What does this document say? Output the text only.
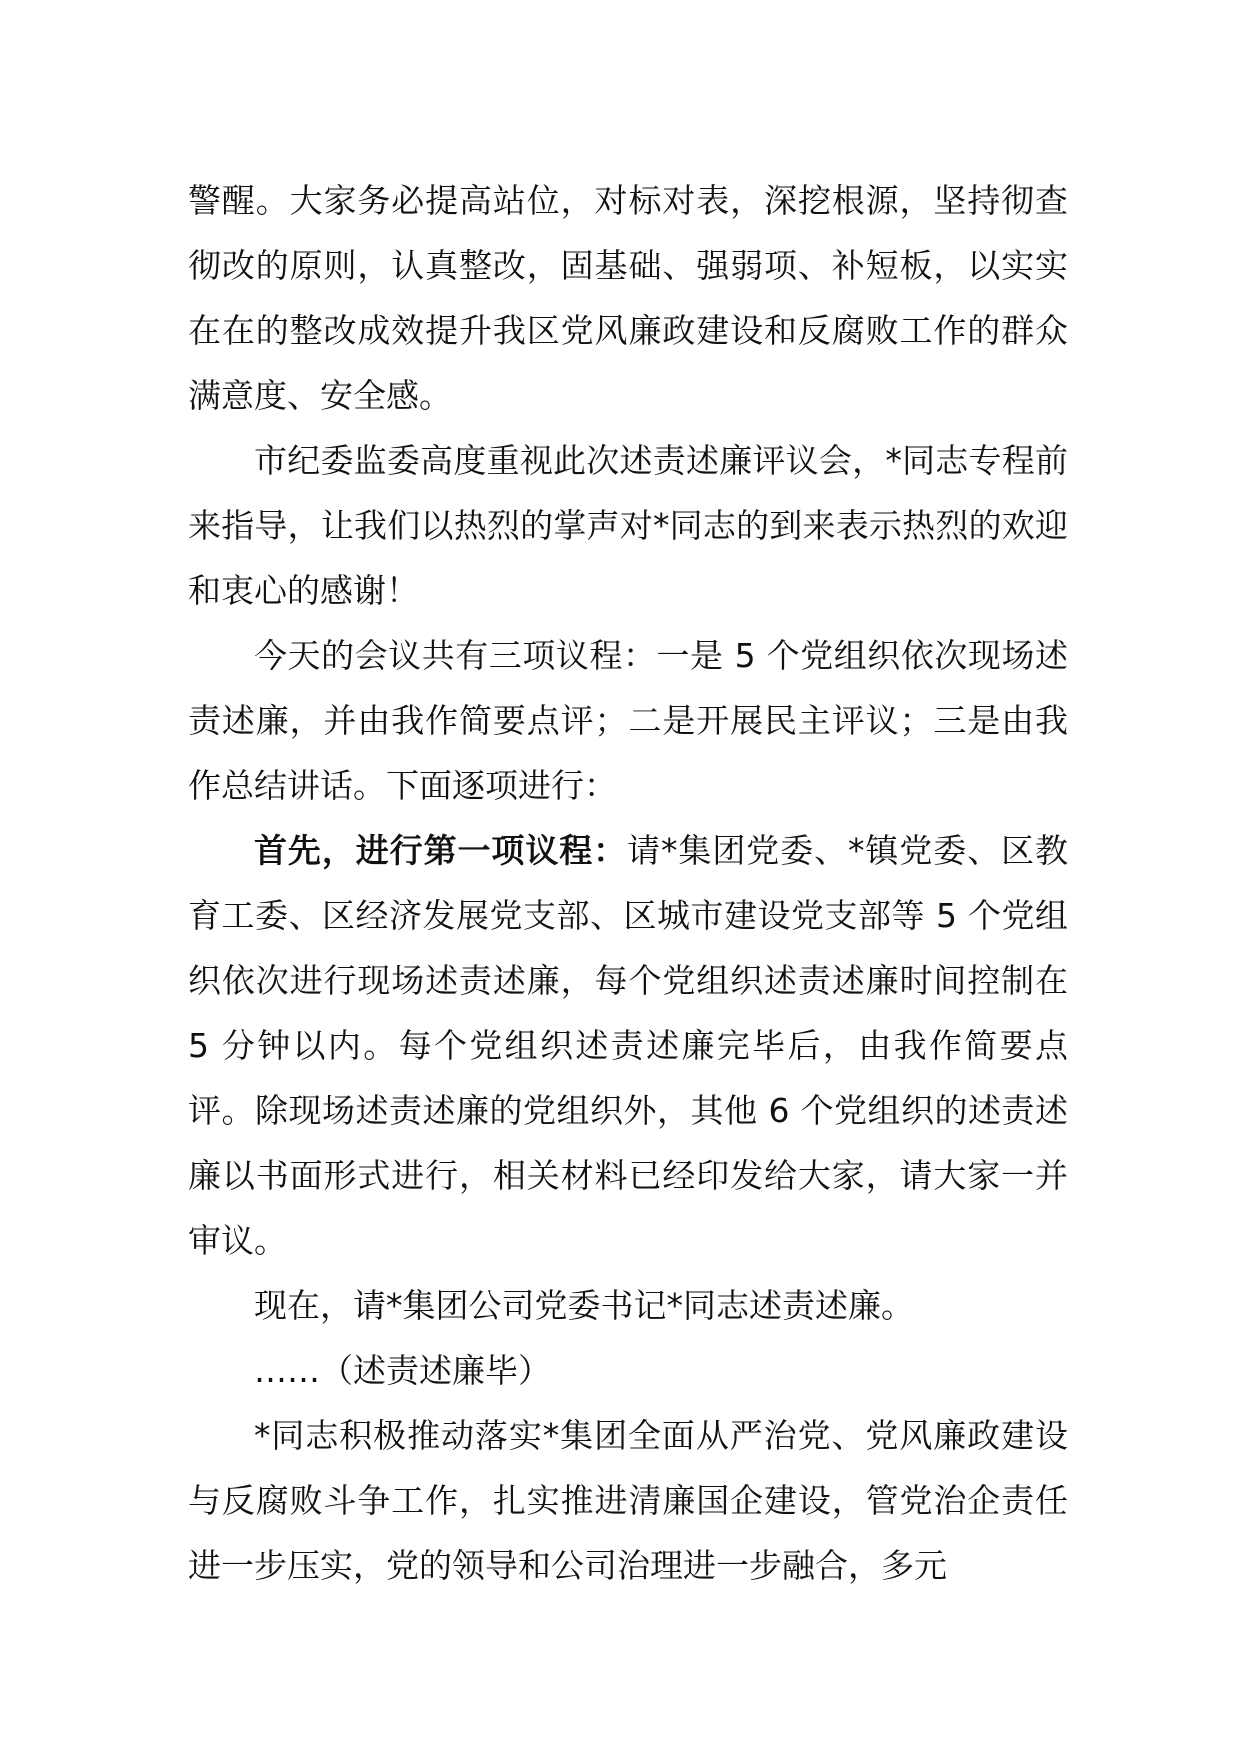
警醒。大家务必提高站位，对标对表，深挖根源，坚持彻查彻改的原则，认真整改，固基础、强弱项、补短板，以实实在在的整改成效提升我区党风廉政建设和反腐败工作的群众满意度、安全感。

市纪委监委高度重视此次述责述廉评议会，*同志专程前来指导，让我们以热烈的掌声对*同志的到来表示热烈的欢迎和衷心的感谢！

今天的会议共有三项议程：一是 5 个党组织依次现场述责述廉，并由我作简要点评；二是开展民主评议；三是由我作总结讲话。下面逐项进行：

首先，进行第一项议程：请*集团党委、*镇党委、区教育工委、区经济发展党支部、区城市建设党支部等 5 个党组织依次进行现场述责述廉，每个党组织述责述廉时间控制在 5 分钟以内。每个党组织述责述廉完毕后，由我作简要点评。除现场述责述廉的党组织外，其他 6 个党组织的述责述廉以书面形式进行，相关材料已经印发给大家，请大家一并审议。

现在，请*集团公司党委书记*同志述责述廉。

……（述责述廉毕）

*同志积极推动落实*集团全面从严治党、党风廉政建设与反腐败斗争工作，扎实推进清廉国企建设，管党治企责任进一步压实，党的领导和公司治理进一步融合，多元
